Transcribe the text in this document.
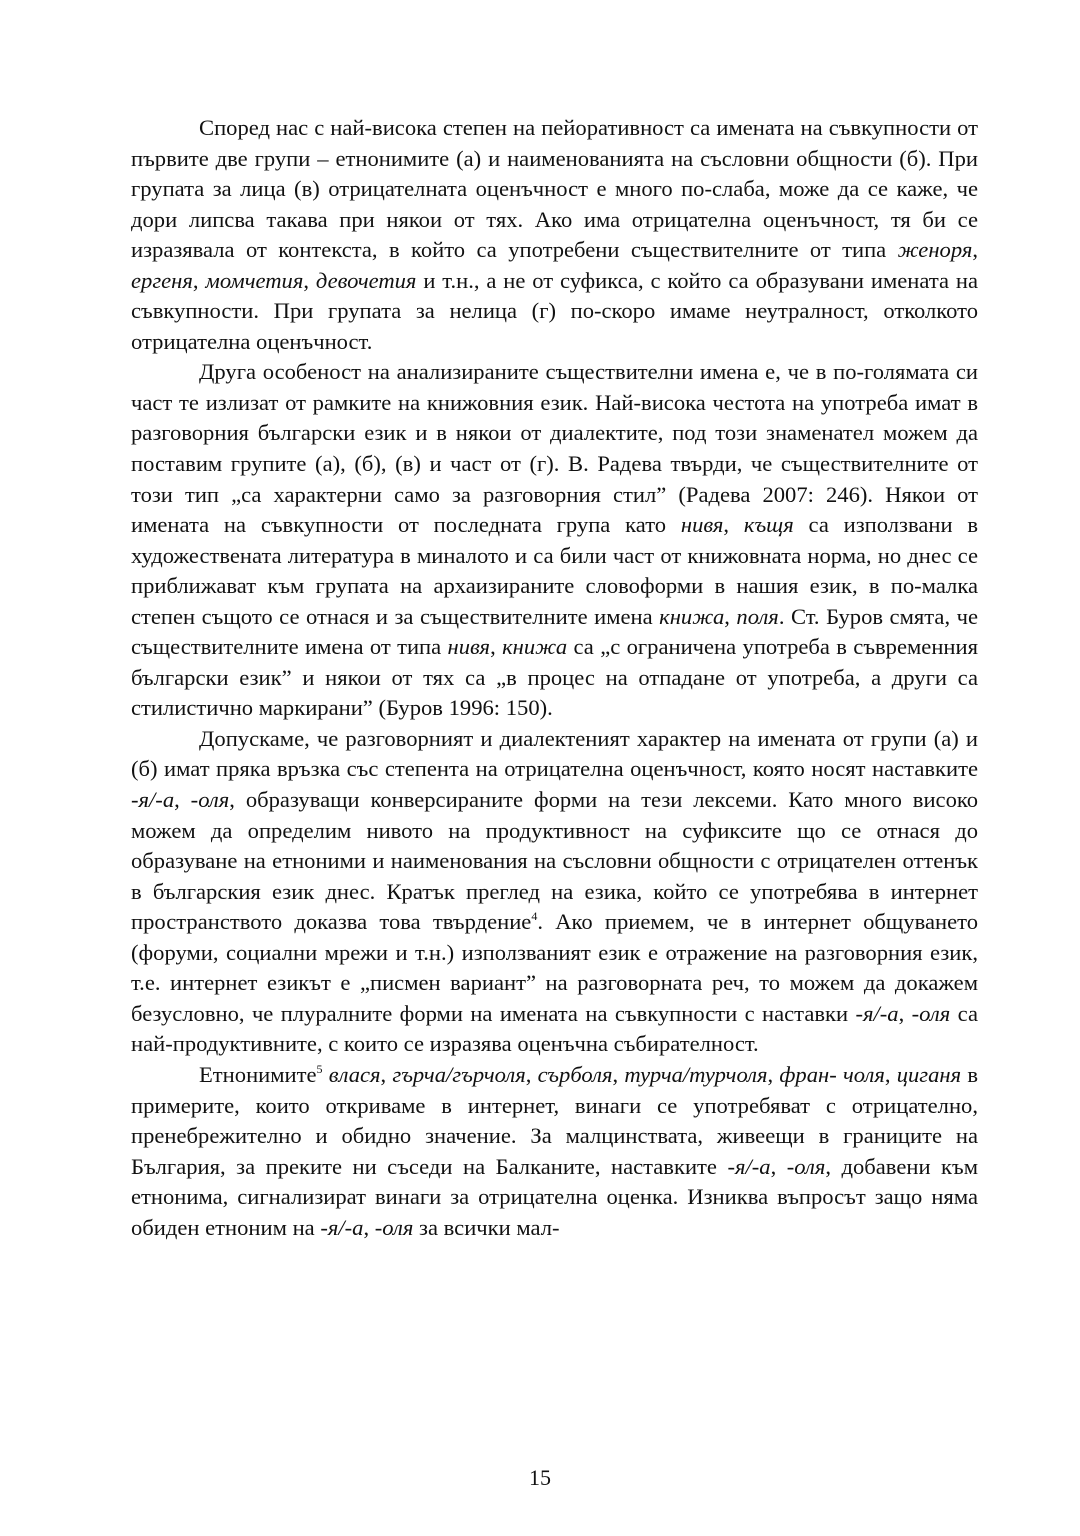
Според нас с най-висока степен на пейоративност са имената на съвкупности от първите две групи – етнонимите (а) и наименованията на съсловни общности (б). При групата за лица (в) отрицателната оценъчност е много по-слаба, може да се каже, че дори липсва такава при някои от тях. Ако има отрицателна оценъчност, тя би се изразявала от контекста, в който са употребени съществителните от типа женоря, ергеня, момчетия, девочетия и т.н., а не от суфикса, с който са образувани имената на съвкупности. При групата за нелица (г) по-скоро имаме неутралност, отколкото отрицателна оценъчност.

Друга особеност на анализираните съществителни имена е, че в по-голямата си част те излизат от рамките на книжовния език. Най-висока честота на употреба имат в разговорния български език и в някои от диалектите, под този знаменател можем да поставим групите (а), (б), (в) и част от (г). В. Радева твърди, че съществителните от този тип „са характерни само за разговорния стил” (Радева 2007: 246). Някои от имената на съвкупности от последната група като нивя, къщя са използвани в художествената литература в миналото и са били част от книжовната норма, но днес се приближават към групата на архаизираните словоформи в нашия език, в по-малка степен същото се отнася и за съществителните имена книжа, поля. Ст. Буров смята, че съществителните имена от типа нивя, книжа са „с ограничена употреба в съвременния български език” и някои от тях са „в процес на отпадане от употреба, а други са стилистично маркирани” (Буров 1996: 150).

Допускаме, че разговорният и диалектеният характер на имената от групи (а) и (б) имат пряка връзка със степента на отрицателна оценъчност, която носят наставките -я/-а, -оля, образуващи конверсираните форми на тези лексеми. Като много високо можем да определим нивото на продуктивност на суфиксите що се отнася до образуване на етноними и наименования на съсловни общности с отрицателен оттенък в българския език днес. Кратък преглед на езика, който се употребява в интернет пространството доказва това твърдение$^4$. Ако приемем, че в интернет общуването (форуми, социални мрежи и т.н.) използваният език е отражение на разговорния език, т.е. интернет езикът е „писмен вариант” на разговорната реч, то можем да докажем безусловно, че плуралните форми на имената на съвкупности с наставки -я/-а, -оля са най-продуктивните, с които се изразява оценъчна събирателност.

Етнонимите$^5$ влася, гърча/гърчоля, сърболя, турча/турчоля, фран- чоля, циганя в примерите, които откриваме в интернет, винаги се употребяват с отрицателно, пренебрежително и обидно значение. За малцинствата, живеещи в границите на България, за преките ни съседи на Балканите, наставките -я/-а, -оля, добавени към етнонима, сигнализират винаги за отрицателна оценка. Изниква въпросът защо няма обиден етноним на -я/-а, -оля за всички мал-

15
